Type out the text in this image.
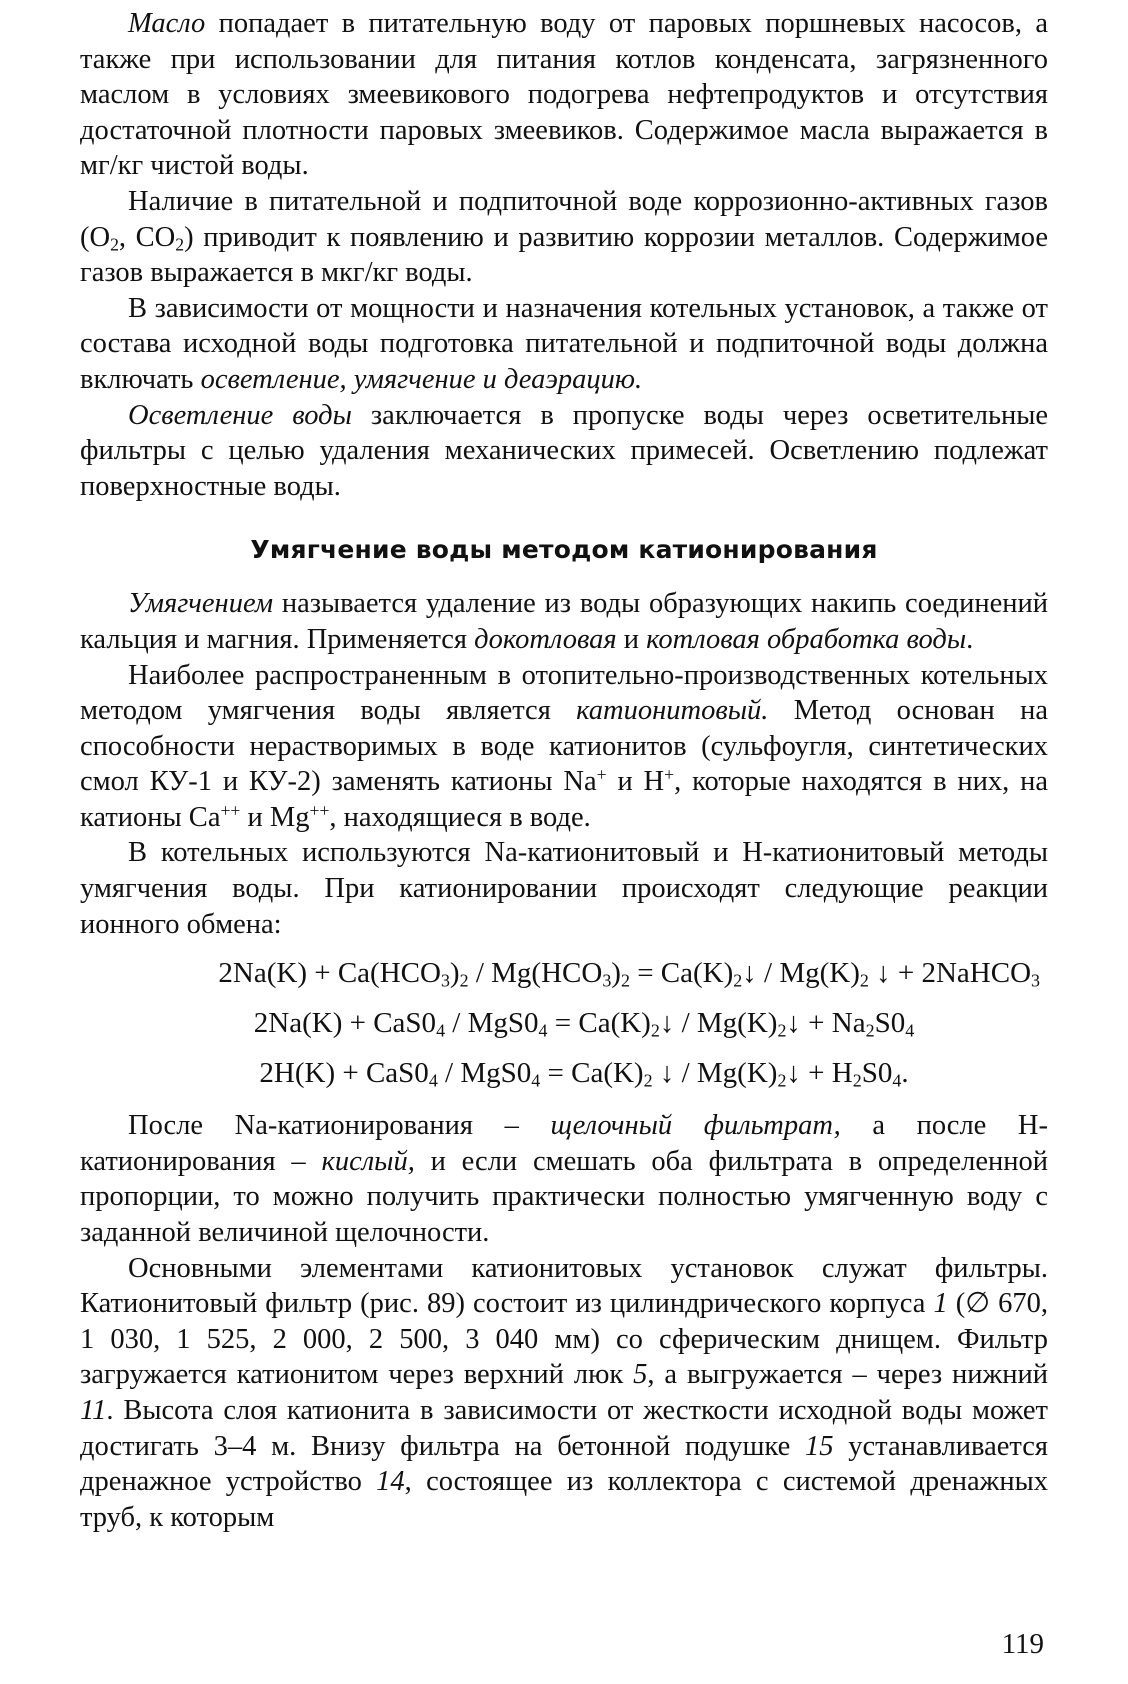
Масло попадает в питательную воду от паровых поршневых насосов, а также при использовании для питания котлов конденсата, загрязненного маслом в условиях змеевикового подогрева нефтепродуктов и отсутствия достаточной плотности паровых змеевиков. Содержимое масла выражается в мг/кг чистой воды.

Наличие в питательной и подпиточной воде коррозионно-активных газов ($O_2$, $CO_2$) приводит к появлению и развитию коррозии металлов. Содержимое газов выражается в мкг/кг воды.

В зависимости от мощности и назначения котельных установок, а также от состава исходной воды подготовка питательной и подпиточной воды должна включать осветление, умягчение и деаэрацию.

Осветление воды заключается в пропуске воды через осветительные фильтры с целью удаления механических примесей. Осветлению подлежат поверхностные воды.

Умягчение воды методом катионирования

Умягчением называется удаление из воды образующих накипь соединений кальция и магния. Применяется докотловая и котловая обработка воды.

Наиболее распространенным в отопительно-производственных котельных методом умягчения воды является катионитовый. Метод основан на способности нерастворимых в воде катионитов (сульфоугля, синтетических смол КУ-1 и КУ-2) заменять катионы Na+ и H+, которые находятся в них, на катионы Ca++ и Mg++, находящиеся в воде.

В котельных используются Na-катионитовый и H-катионитовый методы умягчения воды. При катионировании происходят следующие реакции ионного обмена:

$2Na(K) + Ca(HCO_3)_2 / Mg(HCO_3)_2$ = $Ca(K)_2↓ / Mg(K)_2$ ↓ + 2NaHCO$_3$
$2Na(K) + CaS0_4 / MgS0_4$ = $Ca(K)_2↓$ / $Mg(K)_2↓ + Na_2S0_4$
$2H(K) + CaS0_4 / MgS0_4 = Ca(K)_2$ ↓ / $Mg(K)_2↓ + H_2S0_4$.

После Na-катионирования – щелочный фильтрат, а после H-катионирования – кислый, и если смешать оба фильтрата в определенной пропорции, то можно получить практически полностью умягченную воду с заданной величиной щелочности.

Основными элементами катионитовых установок служат фильтры. Катионитовый фильтр (рис. 89) состоит из цилиндрического корпуса 1 (∅ 670, 1 030, 1 525, 2 000, 2 500, 3 040 мм) со сферическим днищем. Фильтр загружается катионитом через верхний люк 5, а выгружается – через нижний 11. Высота слоя катионита в зависимости от жесткости исходной воды может достигать 3–4 м. Внизу фильтра на бетонной подушке 15 устанавливается дренажное устройство 14, состоящее из коллектора с системой дренажных труб, к которым

119
